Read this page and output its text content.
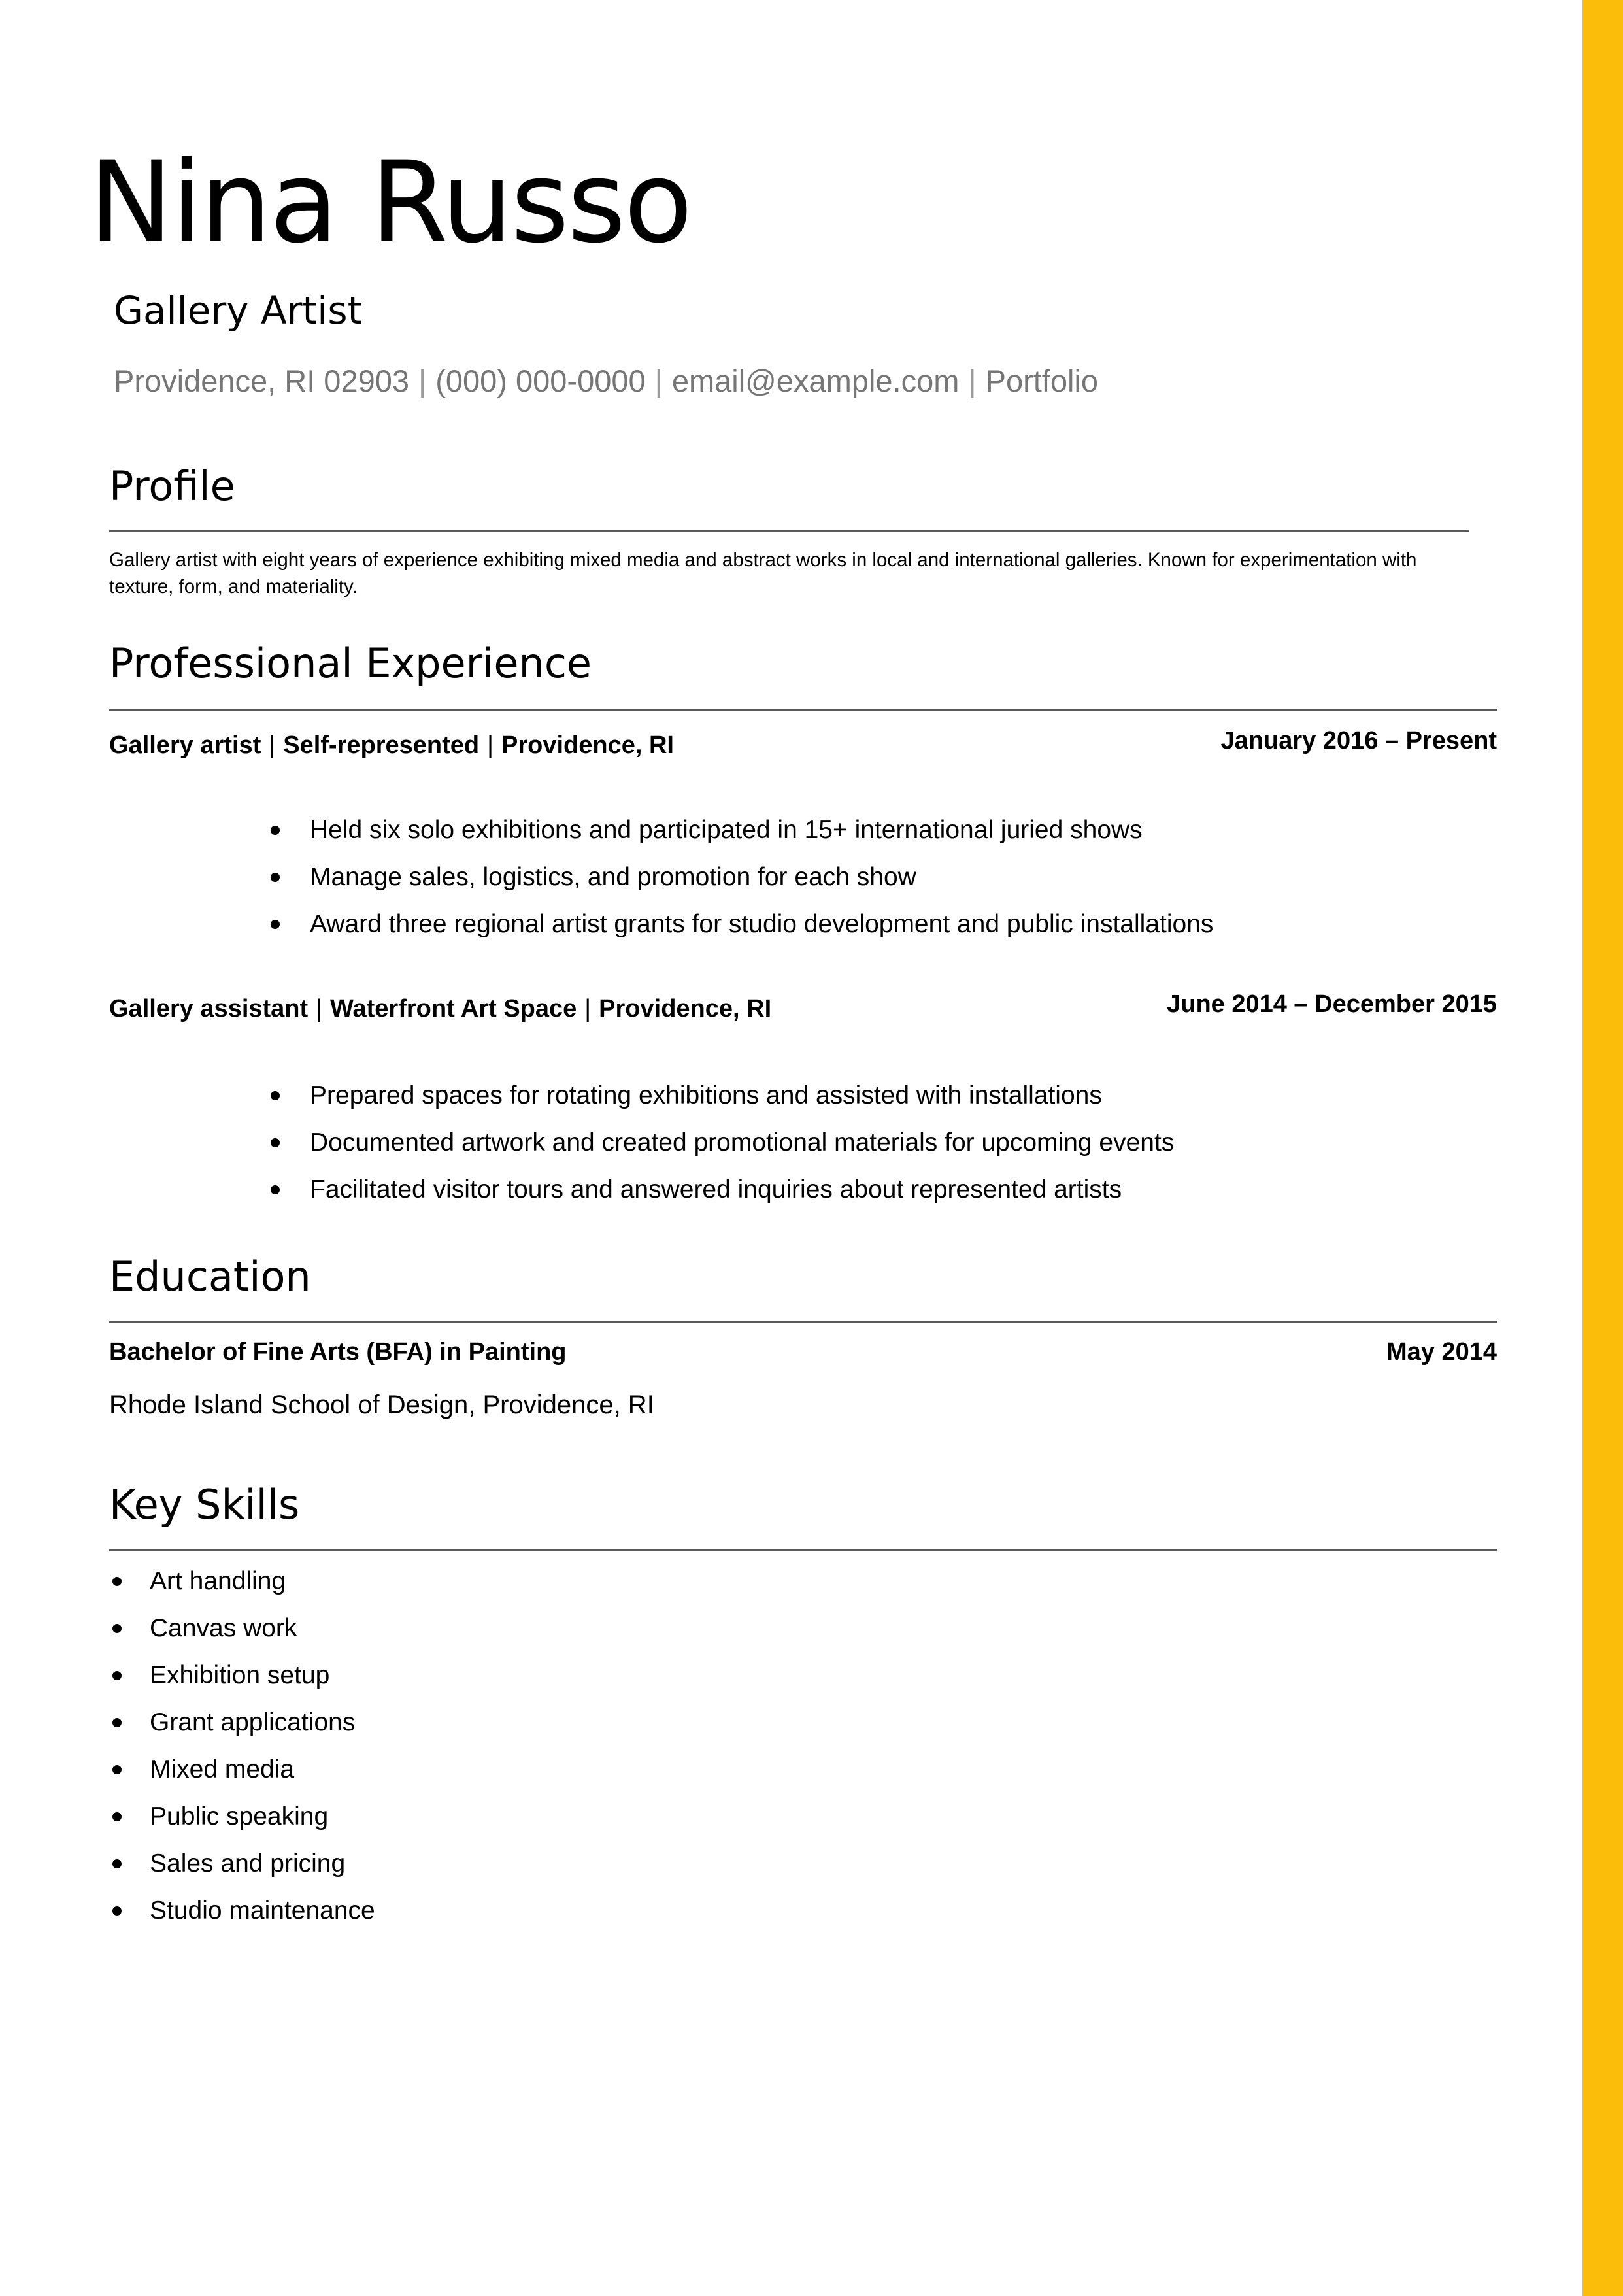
Nina Russo
Gallery Artist
Providence, RI 02903 | (000) 000-0000 | email@example.com | Portfolio
Profile
Gallery artist with eight years of experience exhibiting mixed media and abstract works in local and international galleries. Known for experimentation with texture, form, and materiality.
Professional Experience
Gallery artist | Self-represented | Providence, RI	January 2016 – Present
Held six solo exhibitions and participated in 15+ international juried shows
Manage sales, logistics, and promotion for each show
Award three regional artist grants for studio development and public installations
Gallery assistant | Waterfront Art Space | Providence, RI	June 2014 – December 2015
Prepared spaces for rotating exhibitions and assisted with installations
Documented artwork and created promotional materials for upcoming events
Facilitated visitor tours and answered inquiries about represented artists
Education
Bachelor of Fine Arts (BFA) in Painting	May 2014
Rhode Island School of Design, Providence, RI
Key Skills
Art handling
Canvas work
Exhibition setup
Grant applications
Mixed media
Public speaking
Sales and pricing
Studio maintenance
